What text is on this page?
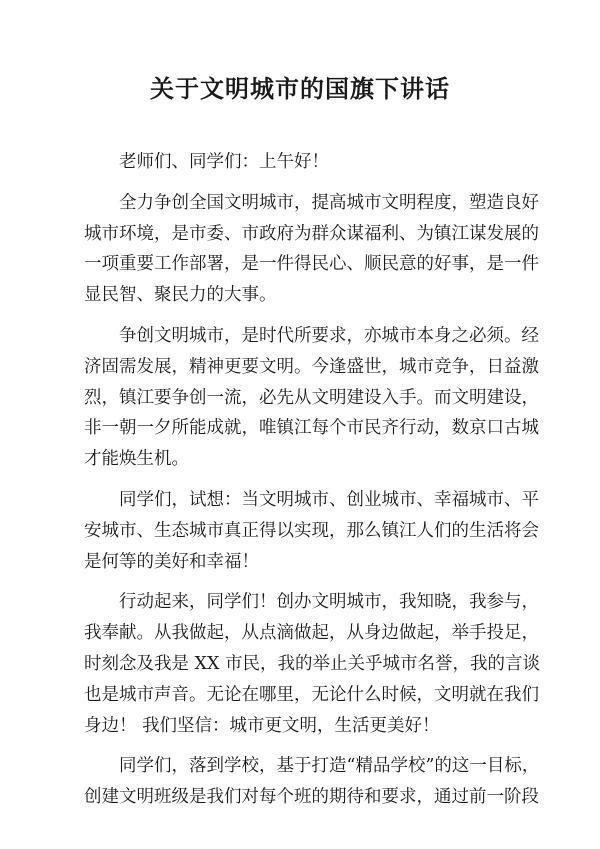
关于文明城市的国旗下讲话
老师们、同学们：上午好！
全力争创全国文明城市，提高城市文明程度，塑造良好
城市环境，是市委、市政府为群众谋福利、为镇江谋发展的
一项重要工作部署，是一件得民心、顺民意的好事，是一件
显民智、聚民力的大事。
争创文明城市，是时代所要求，亦城市本身之必须。经
济固需发展，精神更要文明。今逢盛世，城市竞争，日益激
烈，镇江要争创一流，必先从文明建设入手。而文明建设，
非一朝一夕所能成就，唯镇江每个市民齐行动，数京口古城
才能焕生机。
同学们，试想：当文明城市、创业城市、幸福城市、平
安城市、生态城市真正得以实现，那么镇江人们的生活将会
是何等的美好和幸福！
行动起来，同学们！创办文明城市，我知晓，我参与，
我奉献。从我做起，从点滴做起，从身边做起，举手投足，
时刻念及我是 XX 市民，我的举止关乎城市名誉，我的言谈
也是城市声音。无论在哪里，无论什么时候，文明就在我们
身边！ 我们坚信：城市更文明，生活更美好！
同学们，落到学校，基于打造“精品学校”的这一目标，
创建文明班级是我们对每个班的期待和要求，通过前一阶段
